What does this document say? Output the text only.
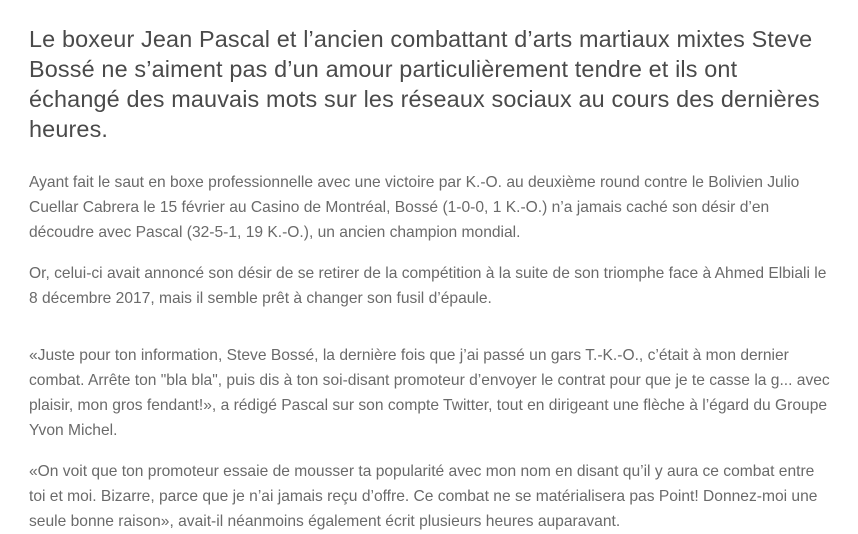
Le boxeur Jean Pascal et l’ancien combattant d’arts martiaux mixtes Steve Bossé ne s’aiment pas d’un amour particulièrement tendre et ils ont échangé des mauvais mots sur les réseaux sociaux au cours des dernières heures.

Ayant fait le saut en boxe professionnelle avec une victoire par K.-O. au deuxième round contre le Bolivien Julio Cuellar Cabrera le 15 février au Casino de Montréal, Bossé (1-0-0, 1 K.-O.) n’a jamais caché son désir d’en découdre avec Pascal (32-5-1, 19 K.-O.), un ancien champion mondial.

Or, celui-ci avait annoncé son désir de se retirer de la compétition à la suite de son triomphe face à Ahmed Elbiali le 8 décembre 2017, mais il semble prêt à changer son fusil d’épaule.

«Juste pour ton information, Steve Bossé, la dernière fois que j’ai passé un gars T.-K.-O., c’était à mon dernier combat. Arrête ton "bla bla", puis dis à ton soi-disant promoteur d’envoyer le contrat pour que je te casse la g... avec plaisir, mon gros fendant!», a rédigé Pascal sur son compte Twitter, tout en dirigeant une flèche à l’égard du Groupe Yvon Michel.

«On voit que ton promoteur essaie de mousser ta popularité avec mon nom en disant qu’il y aura ce combat entre toi et moi. Bizarre, parce que je n’ai jamais reçu d’offre. Ce combat ne se matérialisera pas Point! Donnez-moi une seule bonne raison», avait-il néanmoins également écrit plusieurs heures auparavant.
